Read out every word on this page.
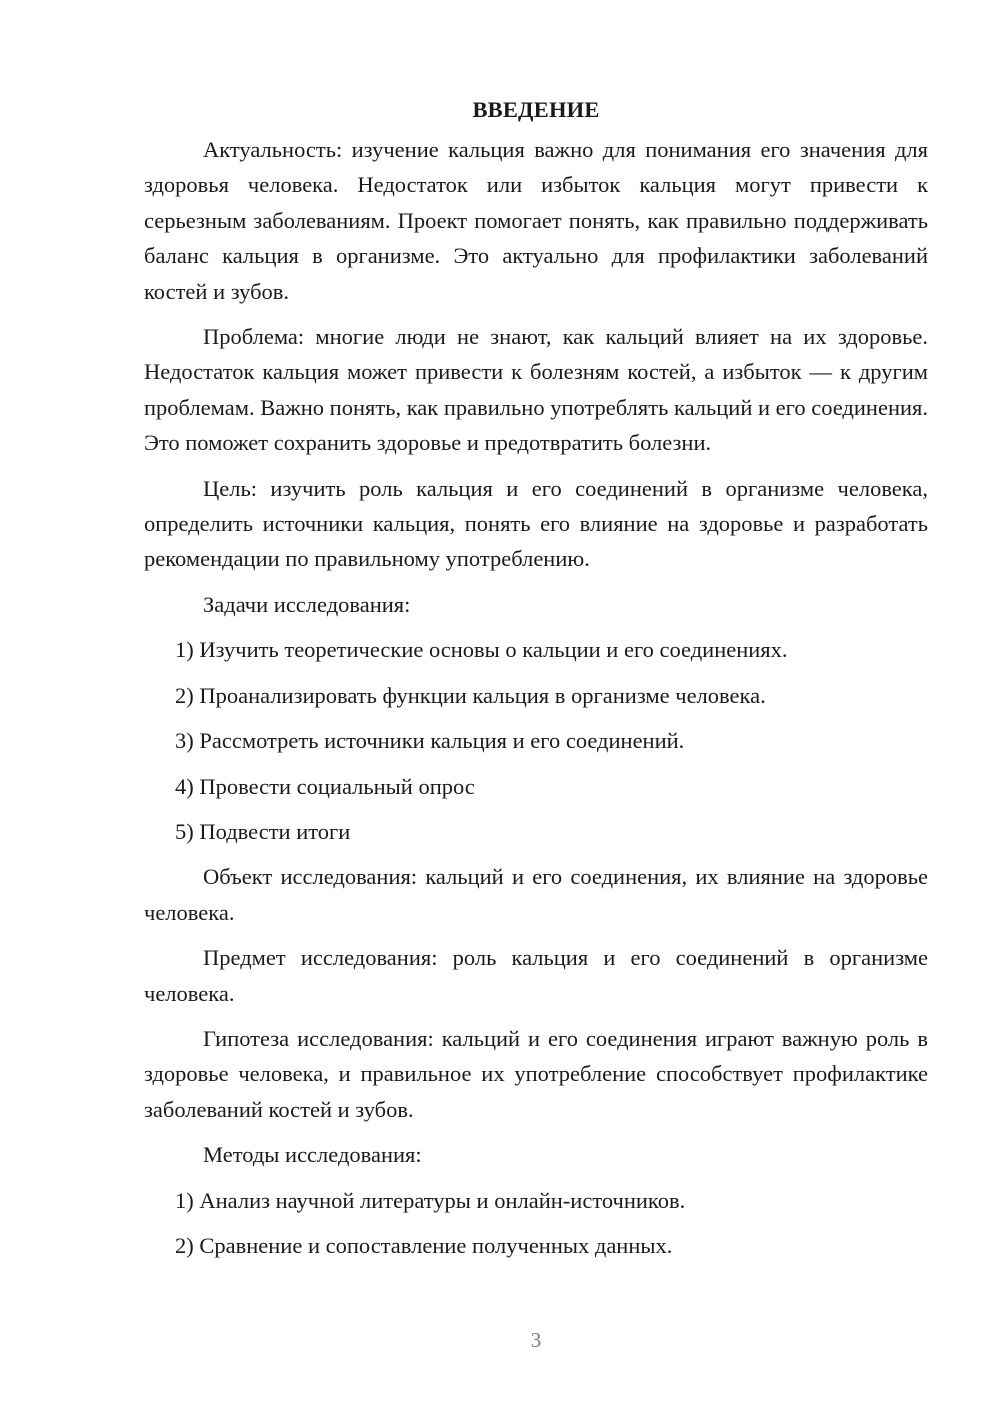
ВВЕДЕНИЕ

Актуальность: изучение кальция важно для понимания его значения для здоровья человека. Недостаток или избыток кальция могут привести к серьезным заболеваниям. Проект помогает понять, как правильно поддерживать баланс кальция в организме. Это актуально для профилактики заболеваний костей и зубов.

Проблема: многие люди не знают, как кальций влияет на их здоровье. Недостаток кальция может привести к болезням костей, а избыток — к другим проблемам. Важно понять, как правильно употреблять кальций и его соединения. Это поможет сохранить здоровье и предотвратить болезни.

Цель: изучить роль кальция и его соединений в организме человека, определить источники кальция, понять его влияние на здоровье и разработать рекомендации по правильному употреблению.

Задачи исследования:

1) Изучить теоретические основы о кальции и его соединениях.
2) Проанализировать функции кальция в организме человека.
3) Рассмотреть источники кальция и его соединений.
4) Провести социальный опрос
5) Подвести итоги

Объект исследования: кальций и его соединения, их влияние на здоровье человека.

Предмет исследования: роль кальция и его соединений в организме человека.

Гипотеза исследования: кальций и его соединения играют важную роль в здоровье человека, и правильное их употребление способствует профилактике заболеваний костей и зубов.

Методы исследования:

1) Анализ научной литературы и онлайн-источников.
2) Сравнение и сопоставление полученных данных.
3
